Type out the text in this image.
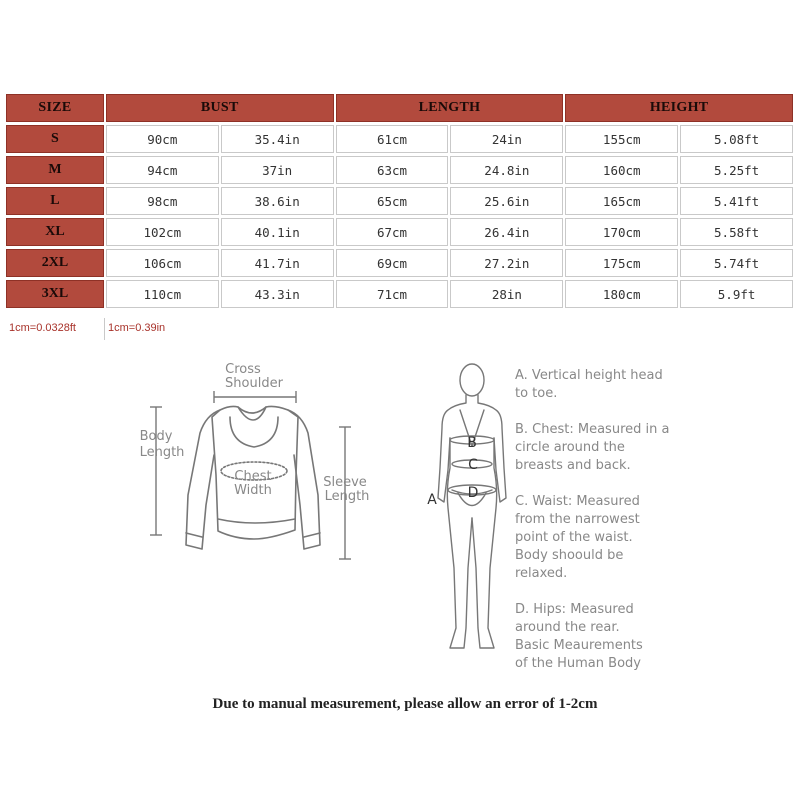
SIZE	BUST	LENGTH	HEIGHT
S	90cm	35.4in	61cm	24in	155cm	5.08ft
M	94cm	37in	63cm	24.8in	160cm	5.25ft
L	98cm	38.6in	65cm	25.6in	165cm	5.41ft
XL	102cm	40.1in	67cm	26.4in	170cm	5.58ft
2XL	106cm	41.7in	69cm	27.2in	175cm	5.74ft
3XL	110cm	43.3in	71cm	28in	180cm	5.9ft
1cm=0.0328ft	1cm=0.39in
Cross
Shoulder
Body
Length
Chest
Width
Sleeve
Length	A
B
C
D
A. Vertical height head
to toe.
B. Chest: Measured in a
circle around the
breasts and back.
C. Waist: Measured
from the narrowest
point of the waist.
Body shoould be
relaxed.
D. Hips: Measured
around the rear.
Basic Meaurements
of the Human Body
Due to manual measurement, please allow an error of 1-2cm
